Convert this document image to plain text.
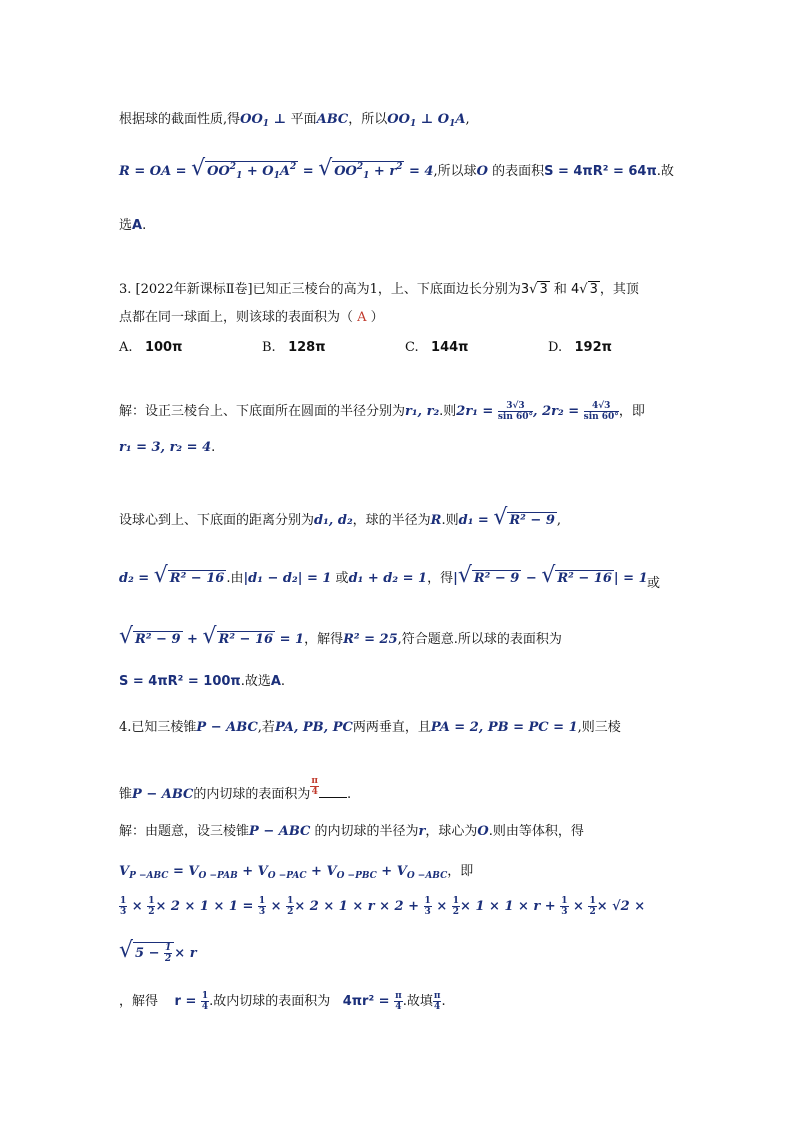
根据球的截面性质,得$OO_1$ ⊥ 平面ABC，所以$OO_1$ ⊥ $O_1A$,
R = OA = √ $OO^2_1 + O_1A^2$ = √ $OO^2_1 + r^2 = 4$,所以球O 的表面积S = 4πR² = 64π.故
选A.
3. [2022年新课标Ⅱ卷]已知正三棱台的高为1，上、下底面边长分别为3√ 3 和 4√ 3 ，其顶
点都在同一球面上，则该球的表面积为（ A ）
A. 100π	B. 128π	C. 144π	D. 192π
解：设正三棱台上、下底面所在圆面的半径分别为r₁, r₂.则$2r_1 = \frac{3√3}{\sin 60^\circ}$ , $2r_2 = \frac{4√3}{\sin 60^\circ}$ ，即
r₁ = 3, r₂ = 4.
设球心到上、下底面的距离分别为d₁, d₂，球的半径为R.则d₁ = √ R² − 9 ,
d₂ = √ R² − 16 .由|d₁ − d₂| = 1 或d₁ + d₂ = 1，得|√ R² − 9 − √ R² − 16 | = 1 或
√ R² − 9 + √ R² − 16 = 1，解得R² = 25,符合题意.所以球的表面积为
S = 4πR² = 100π.故选A.
4.已知三棱锥P − ABC,若PA, PB, PC两两垂直，且PA = 2, PB = PC = 1,则三棱
锥P − ABC的内切球的表面积为 $\frac{\pi}{4}$ .
解：由题意，设三棱锥P − ABC 的内切球的半径为r，球心为O.则由等体积，得
$V_{P -ABC} = V_{O -PAB} + V_{O -PAC} + V_{O -PBC} + V_{O -ABC}$，即
$\frac{1}{3} \times \frac{1}{2} \times 2 \times 1 \times 1 = \frac{1}{3} \times \frac{1}{2} \times 2 \times 1 \times r \times 2 + \frac{1}{3} \times \frac{1}{2} \times 1 \times 1 \times r + \frac{1}{3} \times \frac{1}{2} \times √2$ ×
√ $5 - \frac{1}{2} \times r$
，解得 $r = \frac{1}{4}$ .故内切球的表面积为 $4\pi r^2 = \frac{\pi}{4}$ .故填 $\frac{\pi}{4}$ .
